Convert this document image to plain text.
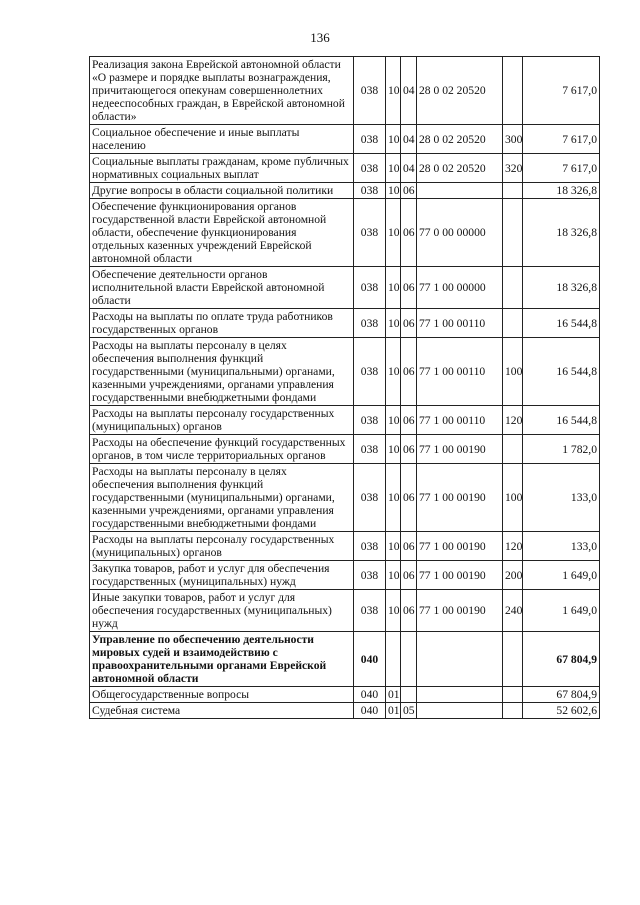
136
Реализация закона Еврейской автономной области «О размере и порядке выплаты вознаграждения, причитающегося опекунам совершеннолетних недееспособных граждан, в Еврейской автономной области»	038	10	04	28 0 02 20520		7 617,0
Социальное обеспечение и иные выплаты населению	038	10	04	28 0 02 20520	300	7 617,0
Социальные выплаты гражданам, кроме публичных нормативных социальных выплат	038	10	04	28 0 02 20520	320	7 617,0
Другие вопросы в области социальной политики	038	10	06			18 326,8
Обеспечение функционирования органов государственной власти Еврейской автономной области, обеспечение функционирования отдельных казенных учреждений Еврейской автономной области	038	10	06	77 0 00 00000		18 326,8
Обеспечение деятельности органов исполнительной власти Еврейской автономной области	038	10	06	77 1 00 00000		18 326,8
Расходы на выплаты по оплате труда работников государственных органов	038	10	06	77 1 00 00110		16 544,8
Расходы на выплаты персоналу в целях обеспечения выполнения функций государственными (муниципальными) органами, казенными учреждениями, органами управления государственными внебюджетными фондами	038	10	06	77 1 00 00110	100	16 544,8
Расходы на выплаты персоналу государственных (муниципальных) органов	038	10	06	77 1 00 00110	120	16 544,8
Расходы на обеспечение функций государственных органов, в том числе территориальных органов	038	10	06	77 1 00 00190		1 782,0
Расходы на выплаты персоналу в целях обеспечения выполнения функций государственными (муниципальными) органами, казенными учреждениями, органами управления государственными внебюджетными фондами	038	10	06	77 1 00 00190	100	133,0
Расходы на выплаты персоналу государственных (муниципальных) органов	038	10	06	77 1 00 00190	120	133,0
Закупка товаров, работ и услуг для обеспечения государственных (муниципальных) нужд	038	10	06	77 1 00 00190	200	1 649,0
Иные закупки товаров, работ и услуг для обеспечения государственных (муниципальных) нужд	038	10	06	77 1 00 00190	240	1 649,0
Управление по обеспечению деятельности мировых судей и взаимодействию с правоохранительными органами Еврейской автономной области	040					67 804,9
Общегосударственные вопросы	040	01				67 804,9
Судебная система	040	01	05			52 602,6
